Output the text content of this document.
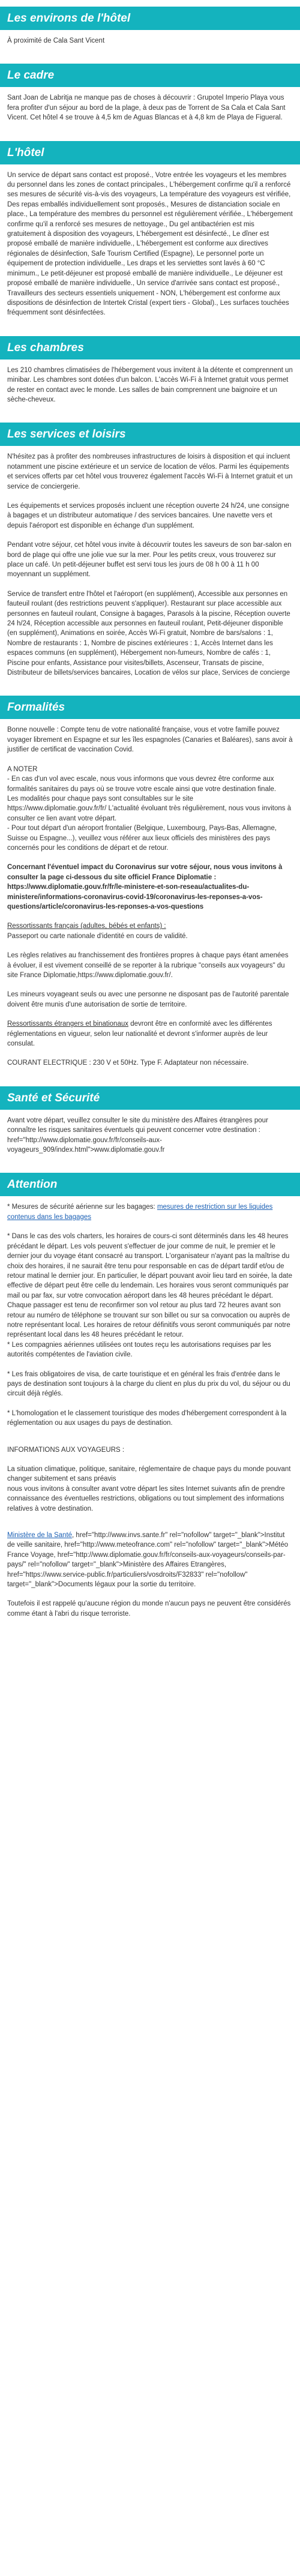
Les environs de l'hôtel

À proximité de Cala Sant Vicent

Le cadre

Sant Joan de Labritja ne manque pas de choses à découvrir : Grupotel Imperio Playa vous fera profiter d'un séjour au bord de la plage, à deux pas de Torrent de Sa Cala et Cala Sant Vicent. Cet hôtel 4 se trouve à 4,5 km de Aguas Blancas et à 4,8 km de Playa de Figueral.

L'hôtel

Un service de départ sans contact est proposé., Votre entrée les voyageurs et les membres du personnel dans les zones de contact principales., L'hébergement confirme qu'il a renforcé ses mesures de sécurité vis-à-vis des voyageurs, La température des voyageurs est vérifiée, Des repas emballés individuellement sont proposés., Mesures de distanciation sociale en place., La température des membres du personnel est régulièrement vérifiée., L'hébergement confirme qu'il a renforcé ses mesures de nettoyage., Du gel antibactérien est mis gratuitement à disposition des voyageurs, L'hébergement est désinfecté., Le dîner est proposé emballé de manière individuelle., L'hébergement est conforme aux directives régionales de désinfection, Safe Tourism Certified (Espagne), Le personnel porte un équipement de protection individuelle., Les draps et les serviettes sont lavés à 60 °C minimum., Le petit-déjeuner est proposé emballé de manière individuelle., Le déjeuner est proposé emballé de manière individuelle., Un service d'arrivée sans contact est proposé., Travailleurs des secteurs essentiels uniquement - NON, L'hébergement est conforme aux dispositions de désinfection de Intertek Cristal (expert tiers - Global)., Les surfaces touchées fréquemment sont désinfectées.

Les chambres

Les 210 chambres climatisées de l'hébergement vous invitent à la détente et comprennent un minibar. Les chambres sont dotées d'un balcon. L'accès Wi-Fi à Internet gratuit vous permet de rester en contact avec le monde. Les salles de bain comprennent une baignoire et un sèche-cheveux.

Les services et loisirs

N'hésitez pas à profiter des nombreuses infrastructures de loisirs à disposition et qui incluent notamment une piscine extérieure et un service de location de vélos. Parmi les équipements et services offerts par cet hôtel vous trouverez également l'accès Wi-Fi à Internet gratuit et un service de conciergerie.

Les équipements et services proposés incluent une réception ouverte 24 h/24, une consigne à bagages et un distributeur automatique / des services bancaires. Une navette vers et depuis l'aéroport est disponible en échange d'un supplément.

Pendant votre séjour, cet hôtel vous invite à découvrir toutes les saveurs de son bar-salon en bord de plage qui offre une jolie vue sur la mer. Pour les petits creux, vous trouverez sur place un café. Un petit-déjeuner buffet est servi tous les jours de 08 h 00 à 11 h 00 moyennant un supplément.

Service de transfert entre l'hôtel et l'aéroport (en supplément), Accessible aux personnes en fauteuil roulant (des restrictions peuvent s'appliquer). Restaurant sur place accessible aux personnes en fauteuil roulant, Consigne à bagages, Parasols à la piscine, Réception ouverte 24 h/24, Réception accessible aux personnes en fauteuil roulant, Petit-déjeuner disponible (en supplément), Animations en soirée, Accès Wi-Fi gratuit, Nombre de bars/salons : 1, Nombre de restaurants : 1, Nombre de piscines extérieures : 1, Accès Internet dans les espaces communs (en supplément), Hébergement non-fumeurs, Nombre de cafés : 1, Piscine pour enfants, Assistance pour visites/billets, Ascenseur, Transats de piscine, Distributeur de billets/services bancaires, Location de vélos sur place, Services de concierge

Formalités

Bonne nouvelle : Compte tenu de votre nationalité française, vous et votre famille pouvez voyager librement en Espagne et sur les îles espagnoles (Canaries et Baléares), sans avoir à justifier de certificat de vaccination Covid.

A NOTER
- En cas d'un vol avec escale, nous vous informons que vous devrez être conforme aux formalités sanitaires du pays où se trouve votre escale ainsi que votre destination finale.
Les modalités pour chaque pays sont consultables sur le site https://www.diplomatie.gouv.fr/fr/ L'actualité évoluant très régulièrement, nous vous invitons à consulter ce lien avant votre départ.
- Pour tout départ d'un aéroport frontalier (Belgique, Luxembourg, Pays-Bas, Allemagne, Suisse ou Espagne...), veuillez vous référer aux lieux officiels des ministères des pays concernés pour les conditions de départ et de retour.

Concernant l'éventuel impact du Coronavirus sur votre séjour, nous vous invitons à consulter la page ci-dessous du site officiel France Diplomatie : https://www.diplomatie.gouv.fr/fr/le-ministere-et-son-reseau/actualites-du-ministere/informations-coronavirus-covid-19/coronavirus-les-reponses-a-vos-questions/article/coronavirus-les-reponses-a-vos-questions

Ressortissants français (adultes, bébés et enfants) :
Passeport ou carte nationale d'identité en cours de validité.

Les règles relatives au franchissement des frontières propres à chaque pays étant amenées à évoluer, il est vivement conseillé de se reporter à la rubrique "conseils aux voyageurs" du site France Diplomatie,https://www.diplomatie.gouv.fr/.

Les mineurs voyageant seuls ou avec une personne ne disposant pas de l'autorité parentale doivent être munis d'une autorisation de sortie de territoire.

Ressortissants étrangers et binationaux devront être en conformité avec les différentes réglementations en vigueur, selon leur nationalité et devront s'informer auprès de leur consulat.

COURANT ELECTRIQUE : 230 V et 50Hz. Type F. Adaptateur non nécessaire.

Santé et Sécurité

Avant votre départ, veuillez consulter le site du ministère des Affaires étrangères pour connaître les risques sanitaires éventuels qui peuvent concerner votre destination : href="http://www.diplomatie.gouv.fr/fr/conseils-aux-voyageurs_909/index.html">www.diplomatie.gouv.fr

Attention

* Mesures de sécurité aérienne sur les bagages: mesures de restriction sur les liquides contenus dans les bagages

* Dans le cas des vols charters, les horaires de cours-ci sont déterminés dans les 48 heures précédant le départ. Les vols peuvent s'effectuer de jour comme de nuit, le premier et le dernier jour du voyage étant consacré au transport. L'organisateur n'ayant pas la maîtrise du choix des horaires, il ne saurait être tenu pour responsable en cas de départ tardif et/ou de retour matinal le dernier jour. En particulier, le départ pouvant avoir lieu tard en soirée, la date effective de départ peut être celle du lendemain. Les horaires vous seront communiqués par mail ou par fax, sur votre convocation aéroport dans les 48 heures précédant le départ. Chaque passager est tenu de reconfirmer son vol retour au plus tard 72 heures avant son retour au numéro de téléphone se trouvant sur son billet ou sur sa convocation ou auprès de notre représentant local. Les horaires de retour définitifs vous seront communiqués par notre représentant local dans les 48 heures précédant le retour.
* Les compagnies aériennes utilisées ont toutes reçu les autorisations requises par les autorités compétentes de l'aviation civile.

* Les frais obligatoires de visa, de carte touristique et en général les frais d'entrée dans le pays de destination sont toujours à la charge du client en plus du prix du vol, du séjour ou du circuit déjà réglés.

* L'homologation et le classement touristique des modes d'hébergement correspondent à la réglementation ou aux usages du pays de destination.

INFORMATIONS AUX VOYAGEURS :

La situation climatique, politique, sanitaire, réglementaire de chaque pays du monde pouvant changer subitement et sans préavis
nous vous invitons à consulter avant votre départ les sites Internet suivants afin de prendre connaissance des éventuelles restrictions, obligations ou tout simplement des informations relatives à votre destination.

Ministère de la Santé, href="http://www.invs.sante.fr" rel="nofollow" target="_blank">Institut de veille sanitaire, href="http://www.meteofrance.com" rel="nofollow" target="_blank">Météo France Voyage, href="http://www.diplomatie.gouv.fr/fr/conseils-aux-voyageurs/conseils-par-pays/" rel="nofollow" target="_blank">Ministère des Affaires Etrangères, href="https://www.service-public.fr/particuliers/vosdroits/F32833" rel="nofollow" target="_blank">Documents légaux pour la sortie du territoire.

Toutefois il est rappelé qu'aucune région du monde n'aucun pays ne peuvent être considérés comme étant à l'abri du risque terroriste.
